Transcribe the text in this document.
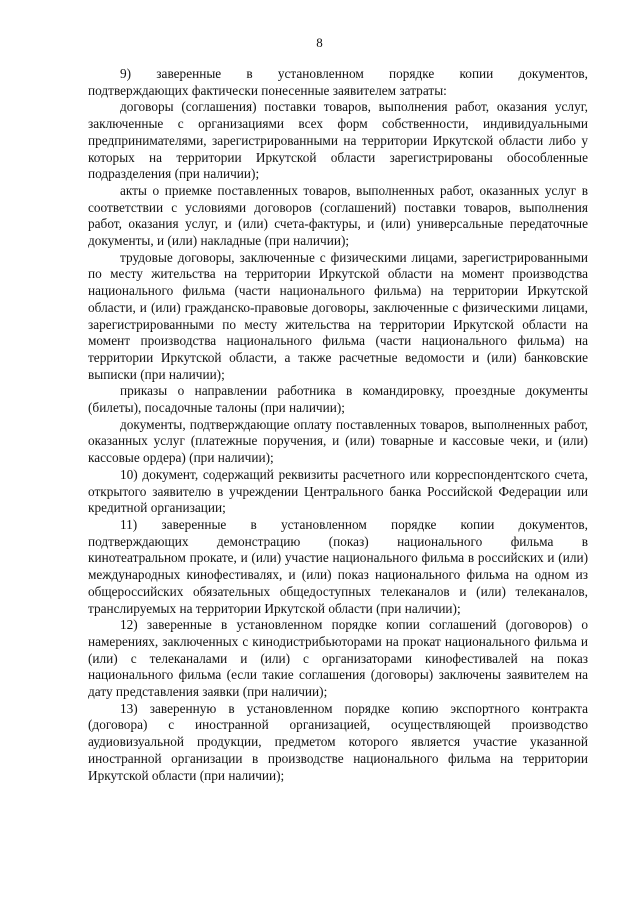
8

9) заверенные в установленном порядке копии документов,

подтверждающих фактически понесенные заявителем затраты:

договоры (соглашения) поставки товаров, выполнения работ, оказания услуг, заключенные с организациями всех форм собственности, индивидуальными предпринимателями, зарегистрированными на территории Иркутской области либо у которых на территории Иркутской области зарегистрированы обособленные подразделения (при наличии);

акты о приемке поставленных товаров, выполненных работ, оказанных услуг в соответствии с условиями договоров (соглашений) поставки товаров, выполнения работ, оказания услуг, и (или) счета-фактуры, и (или) универсальные передаточные документы, и (или) накладные (при наличии);

трудовые договоры, заключенные с физическими лицами, зарегистрированными по месту жительства на территории Иркутской области на момент производства национального фильма (части национального фильма) на территории Иркутской области, и (или) гражданско-правовые договоры, заключенные с физическими лицами, зарегистрированными по месту жительства на территории Иркутской области на момент производства национального фильма (части национального фильма) на территории Иркутской области, а также расчетные ведомости и (или) банковские выписки (при наличии);

приказы о направлении работника в командировку, проездные документы (билеты), посадочные талоны (при наличии);

документы, подтверждающие оплату поставленных товаров, выполненных работ, оказанных услуг (платежные поручения, и (или) товарные и кассовые чеки, и (или) кассовые ордера) (при наличии);

10) документ, содержащий реквизиты расчетного или корреспондентского счета, открытого заявителю в учреждении Центрального банка Российской Федерации или кредитной организации;

11) заверенные в установленном порядке копии документов,

подтверждающих демонстрацию (показ) национального фильма в

кинотеатральном прокате, и (или) участие национального фильма в российских и (или) международных кинофестивалях, и (или) показ национального фильма на одном из общероссийских обязательных общедоступных телеканалов и (или) телеканалов, транслируемых на территории Иркутской области (при наличии);

12) заверенные в установленном порядке копии соглашений (договоров) о намерениях, заключенных с кинодистрибьюторами на прокат национального фильма и (или) с телеканалами и (или) с организаторами кинофестивалей на показ национального фильма (если такие соглашения (договоры) заключены заявителем на дату представления заявки (при наличии);

13) заверенную в установленном порядке копию экспортного контракта (договора) с иностранной организацией, осуществляющей производство аудиовизуальной продукции, предметом которого является участие указанной иностранной организации в производстве национального фильма на территории Иркутской области (при наличии);
